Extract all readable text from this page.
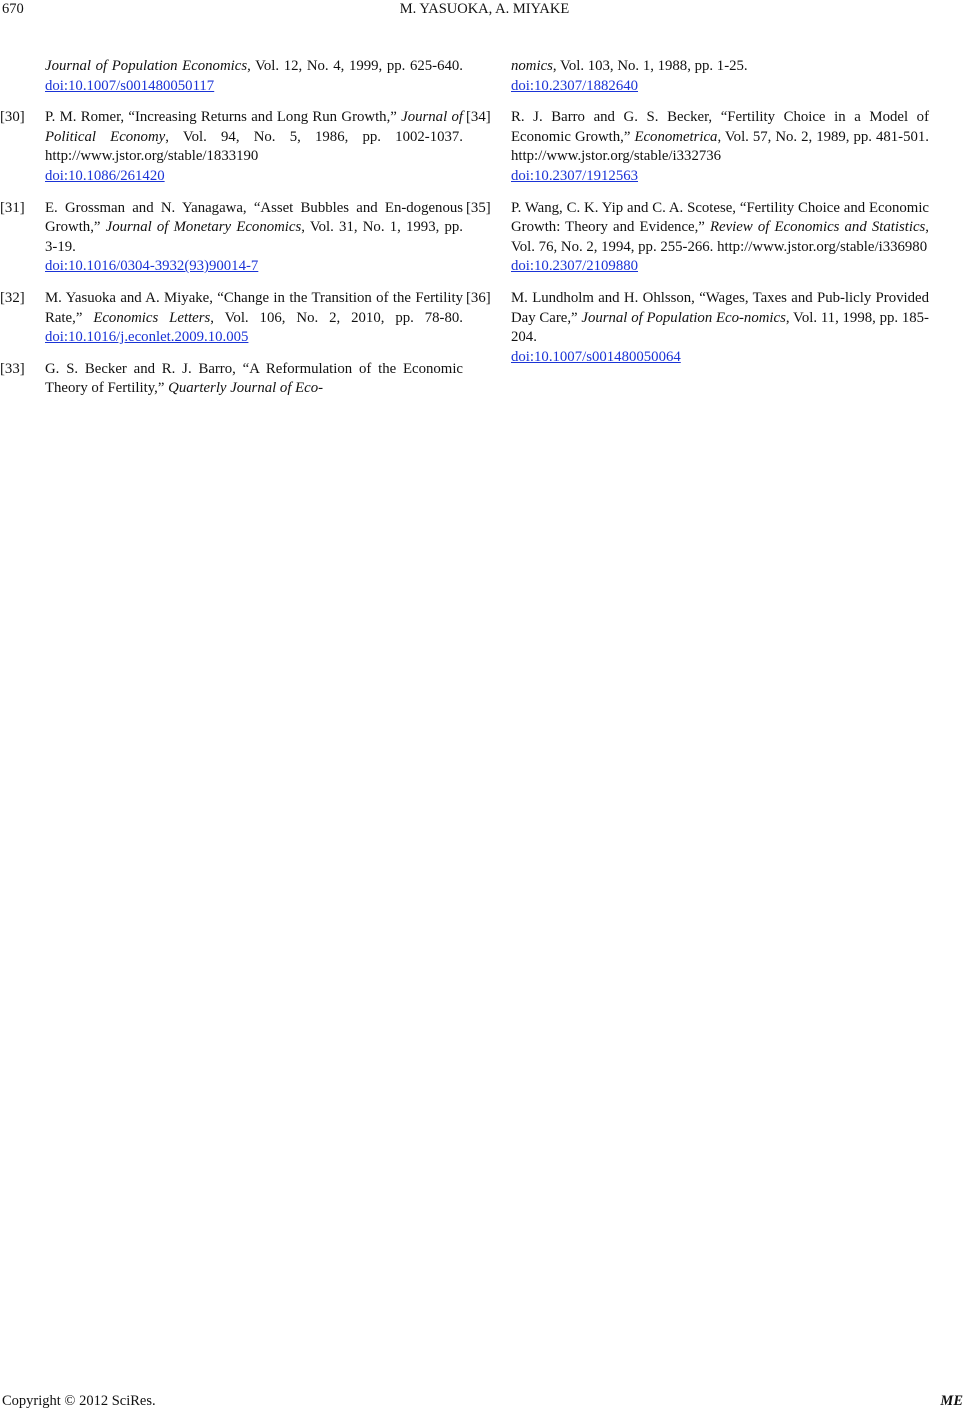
670	M. YASUOKA, A. MIYAKE
Journal of Population Economics, Vol. 12, No. 4, 1999, pp. 625-640. doi:10.1007/s001480050117
[30]	P. M. Romer, “Increasing Returns and Long Run Growth,” Journal of Political Economy, Vol. 94, No. 5, 1986, pp. 1002-1037. http://www.jstor.org/stable/1833190
doi:10.1086/261420
[31]	E. Grossman and N. Yanagawa, “Asset Bubbles and En-dogenous Growth,” Journal of Monetary Economics, Vol. 31, No. 1, 1993, pp. 3-19.
doi:10.1016/0304-3932(93)90014-7
[32]	M. Yasuoka and A. Miyake, “Change in the Transition of the Fertility Rate,” Economics Letters, Vol. 106, No. 2, 2010, pp. 78-80. doi:10.1016/j.econlet.2009.10.005
[33]	G. S. Becker and R. J. Barro, “A Reformulation of the Economic Theory of Fertility,” Quarterly Journal of Eco-
nomics, Vol. 103, No. 1, 1988, pp. 1-25.
doi:10.2307/1882640
[34]	R. J. Barro and G. S. Becker, “Fertility Choice in a Model of Economic Growth,” Econometrica, Vol. 57, No. 2, 1989, pp. 481-501. http://www.jstor.org/stable/i332736
doi:10.2307/1912563
[35]	P. Wang, C. K. Yip and C. A. Scotese, “Fertility Choice and Economic Growth: Theory and Evidence,” Review of Economics and Statistics, Vol. 76, No. 2, 1994, pp. 255-266. http://www.jstor.org/stable/i336980
doi:10.2307/2109880
[36]	M. Lundholm and H. Ohlsson, “Wages, Taxes and Pub-licly Provided Day Care,” Journal of Population Eco-nomics, Vol. 11, 1998, pp. 185-204.
doi:10.1007/s001480050064
Copyright © 2012 SciRes.	ME
